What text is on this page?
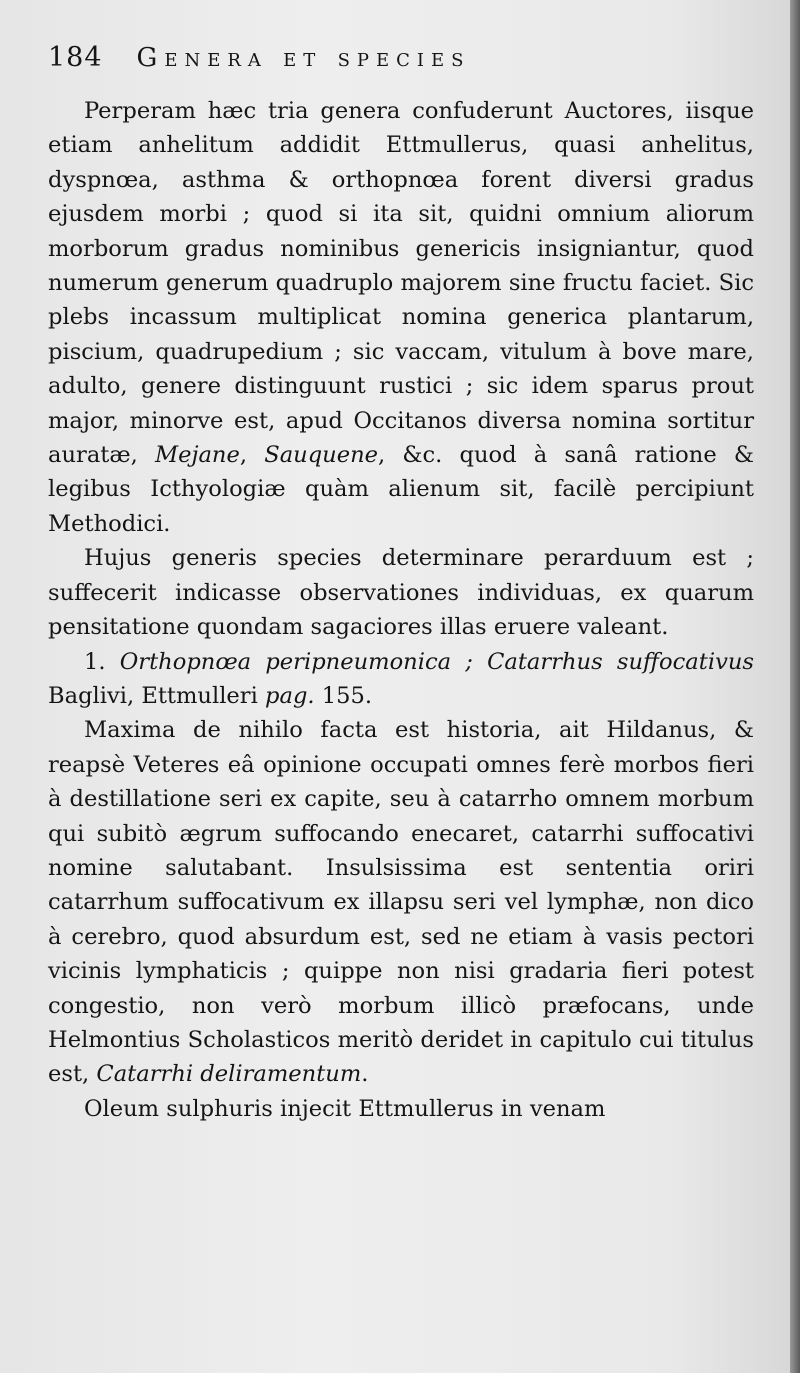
184 Genera et species

Perperam hæc tria genera confuderunt Auctores, iisque etiam anhelitum addidit Ettmullerus, quasi anhelitus, dyspnœa, asthma & orthopnœa forent diversi gradus ejusdem morbi ; quod si ita sit, quidni omnium aliorum morborum gradus nominibus genericis insigniantur, quod numerum generum quadruplo majorem sine fructu faciet. Sic plebs incassum multiplicat nomina generica plantarum, piscium, quadrupedium ; sic vaccam, vitulum à bove mare, adulto, genere distinguunt rustici ; sic idem sparus prout major, minorve est, apud Occitanos diversa nomina sortitur auratæ, Mejane, Sauquene, &c. quod à sanâ ratione & legibus Icthyologiæ quàm alienum sit, facilè percipiunt Methodici.

Hujus generis species determinare perarduum est ; suffecerit indicasse observationes individuas, ex quarum pensitatione quondam sagaciores illas eruere valeant.

1. Orthopnœa peripneumonica ; Catarrhus suffocativus Baglivi, Ettmulleri pag. 155.

Maxima de nihilo facta est historia, ait Hildanus, & reapsè Veteres eâ opinione occupati omnes ferè morbos fieri à destillatione seri ex capite, seu à catarrho omnem morbum qui subitò ægrum suffocando enecaret, catarrhi suffocativi nomine salutabant. Insulsissima est sententia oriri catarrhum suffocativum ex illapsu seri vel lymphæ, non dico à cerebro, quod absurdum est, sed ne etiam à vasis pectori vicinis lymphaticis ; quippe non nisi gradaria fieri potest congestio, non verò morbum illicò præfocans, unde Helmontius Scholasticos meritò deridet in capitulo cui titulus est, Catarrhi deliramentum.

Oleum sulphuris injecit Ettmullerus in venam
